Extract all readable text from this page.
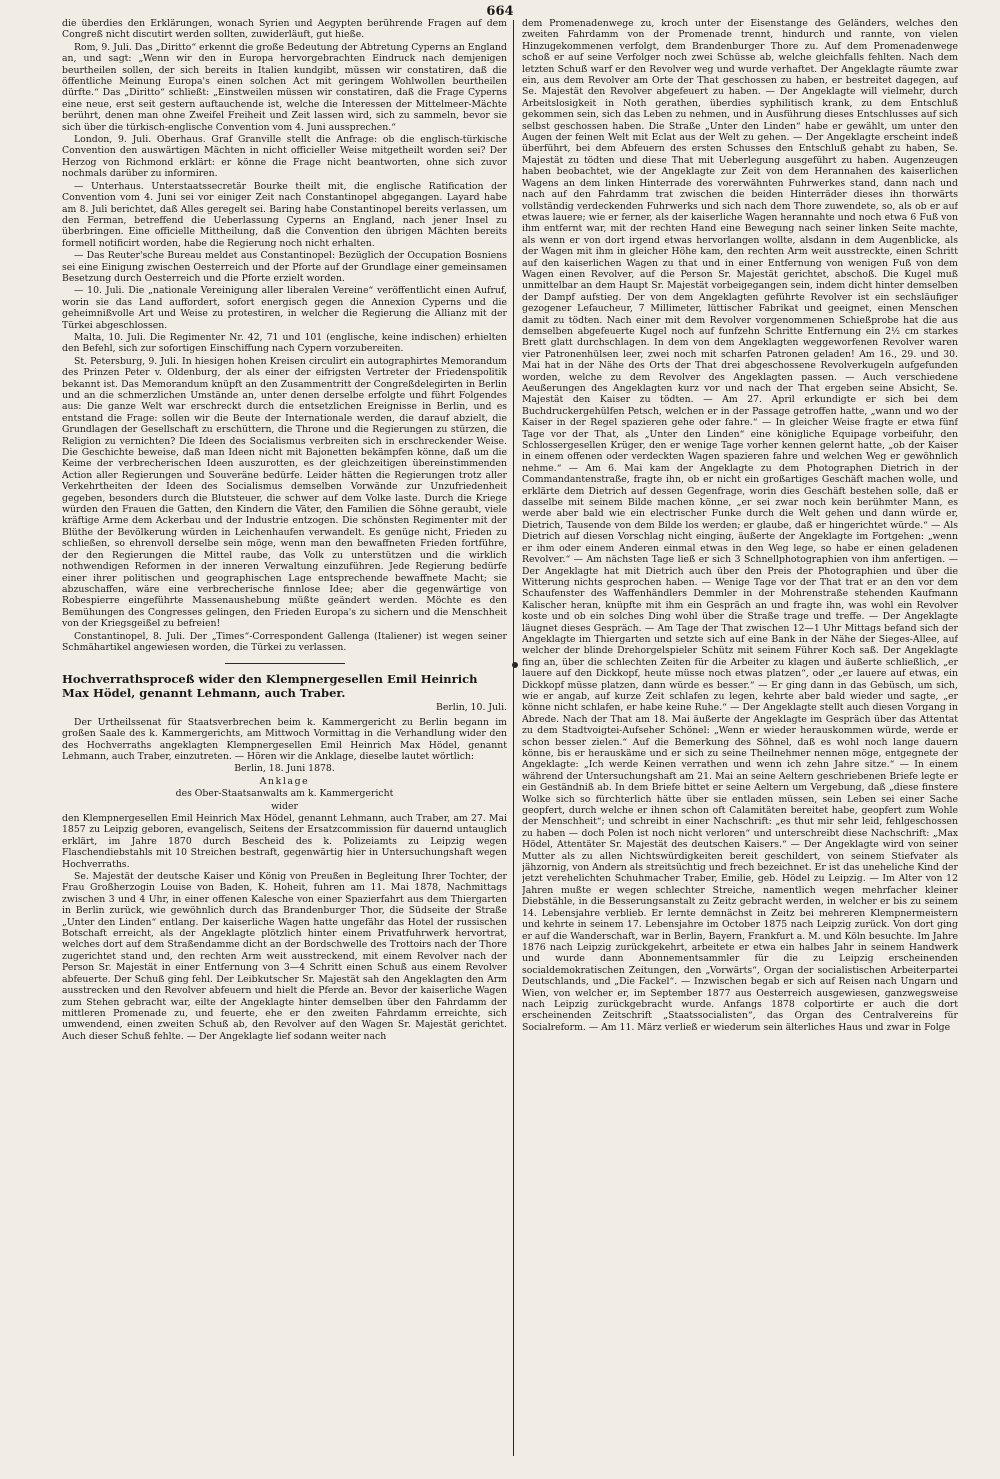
664

die überdies den Erklärungen, wonach Syrien und Aegypten berührende Fragen auf dem Congreß nicht discutirt werden sollten, zuwiderläuft, gut hieße.

Rom, 9. Juli. Das „Diritto“ erkennt die große Bedeutung der Abtretung Cyperns an England an, und sagt: „Wenn wir den in Europa hervorgebrachten Eindruck nach demjenigen beurtheilen sollen, der sich bereits in Italien kundgibt, müssen wir constatiren, daß die öffentliche Meinung Europa's einen solchen Act mit geringem Wohlwollen beurtheilen dürfte.“ Das „Diritto“ schließt: „Einstweilen müssen wir constatiren, daß die Frage Cyperns eine neue, erst seit gestern auftauchende ist, welche die Interessen der Mittelmeer-Mächte berührt, denen man ohne Zweifel Freiheit und Zeit lassen wird, sich zu sammeln, bevor sie sich über die türkisch-englische Convention vom 4. Juni aussprechen.“

London, 9. Juli. Oberhaus. Graf Granville stellt die Anfrage: ob die englisch-türkische Convention den auswärtigen Mächten in nicht officieller Weise mitgetheilt worden sei? Der Herzog von Richmond erklärt: er könne die Frage nicht beantworten, ohne sich zuvor nochmals darüber zu informiren.

— Unterhaus. Unterstaatssecretär Bourke theilt mit, die englische Ratification der Convention vom 4. Juni sei vor einiger Zeit nach Constantinopel abgegangen. Layard habe am 8. Juli berichtet, daß Alles geregelt sei. Baring habe Constantinopel bereits verlassen, um den Ferman, betreffend die Ueberlassung Cyperns an England, nach jener Insel zu überbringen. Eine officielle Mittheilung, daß die Convention den übrigen Mächten bereits formell notificirt worden, habe die Regierung noch nicht erhalten.

— Das Reuter'sche Bureau meldet aus Constantinopel: Bezüglich der Occupation Bosniens sei eine Einigung zwischen Oesterreich und der Pforte auf der Grundlage einer gemeinsamen Besetzung durch Oesterreich und die Pforte erzielt worden.

— 10. Juli. Die „nationale Vereinigung aller liberalen Vereine“ veröffentlicht einen Aufruf, worin sie das Land auffordert, sofort energisch gegen die Annexion Cyperns und die geheimnißvolle Art und Weise zu protestiren, in welcher die Regierung die Allianz mit der Türkei abgeschlossen.

Malta, 10. Juli. Die Regimenter Nr. 42, 71 und 101 (englische, keine indischen) erhielten den Befehl, sich zur sofortigen Einschiffung nach Cypern vorzubereiten.

St. Petersburg, 9. Juli. In hiesigen hohen Kreisen circulirt ein autographirtes Memorandum des Prinzen Peter v. Oldenburg, der als einer der eifrigsten Vertreter der Friedenspolitik bekannt ist. Das Memorandum knüpft an den Zusammentritt der Congreßdelegirten in Berlin und an die schmerzlichen Umstände an, unter denen derselbe erfolgte und führt Folgendes aus: Die ganze Welt war erschreckt durch die entsetzlichen Ereignisse in Berlin, und es entstand die Frage: sollen wir die Beute der Internationale werden, die darauf abzielt, die Grundlagen der Gesellschaft zu erschüttern, die Throne und die Regierungen zu stürzen, die Religion zu vernichten? Die Ideen des Socialismus verbreiten sich in erschreckender Weise. Die Geschichte beweise, daß man Ideen nicht mit Bajonetten bekämpfen könne, daß um die Keime der verbrecherischen Ideen auszurotten, es der gleichzeitigen übereinstimmenden Action aller Regierungen und Souveräne bedürfe. Leider hätten die Regierungen trotz aller Verkehrtheiten der Ideen des Socialismus demselben Vorwände zur Unzufriedenheit gegeben, besonders durch die Blutsteuer, die schwer auf dem Volke laste. Durch die Kriege würden den Frauen die Gatten, den Kindern die Väter, den Familien die Söhne geraubt, viele kräftige Arme dem Ackerbau und der Industrie entzogen. Die schönsten Regimenter mit der Blüthe der Bevölkerung würden in Leichenhaufen verwandelt. Es genüge nicht, Frieden zu schließen, so ehrenvoll derselbe sein möge, wenn man den bewaffneten Frieden fortführe, der den Regierungen die Mittel raube, das Volk zu unterstützen und die wirklich nothwendigen Reformen in der inneren Verwaltung einzuführen. Jede Regierung bedürfe einer ihrer politischen und geographischen Lage entsprechende bewaffnete Macht; sie abzuschaffen, wäre eine verbrecherische finnlose Idee; aber die gegenwärtige von Robespierre eingeführte Massenaushebung müßte geändert werden. Möchte es den Bemühungen des Congresses gelingen, den Frieden Europa's zu sichern und die Menschheit von der Kriegsgeißel zu befreien!

Constantinopel, 8. Juli. Der „Times“-Correspondent Gallenga (Italiener) ist wegen seiner Schmähartikel angewiesen worden, die Türkei zu verlassen.

Hochverrathsproceß wider den Klempnergesellen Emil Heinrich Max Hödel, genannt Lehmann, auch Traber.
Berlin, 10. Juli.

Der Urtheilssenat für Staatsverbrechen beim k. Kammergericht zu Berlin begann im großen Saale des k. Kammergerichts, am Mittwoch Vormittag in die Verhandlung wider den des Hochverraths angeklagten Klempnergesellen Emil Heinrich Max Hödel, genannt Lehmann, auch Traber, einzutreten. — Hören wir die Anklage, dieselbe lautet wörtlich:

Berlin, 18. Juni 1878.

Anklage

des Ober-Staatsanwalts am k. Kammergericht

wider

den Klempnergesellen Emil Heinrich Max Hödel, genannt Lehmann, auch Traber, am 27. Mai 1857 zu Leipzig geboren, evangelisch, Seitens der Ersatzcommission für dauernd untauglich erklärt, im Jahre 1870 durch Bescheid des k. Polizeiamts zu Leipzig wegen Flaschendiebstahls mit 10 Streichen bestraft, gegenwärtig hier in Untersuchungshaft wegen Hochverraths.

Se. Majestät der deutsche Kaiser und König von Preußen in Begleitung Ihrer Tochter, der Frau Großherzogin Louise von Baden, K. Hoheit, fuhren am 11. Mai 1878, Nachmittags zwischen 3 und 4 Uhr, in einer offenen Kalesche von einer Spazierfahrt aus dem Thiergarten in Berlin zurück, wie gewöhnlich durch das Brandenburger Thor, die Südseite der Straße „Unter den Linden“ entlang. Der kaiserliche Wagen hatte ungefähr das Hotel der russischen Botschaft erreicht, als der Angeklagte plötzlich hinter einem Privatfuhrwerk hervortrat, welches dort auf dem Straßendamme dicht an der Bordschwelle des Trottoirs nach der Thore zugerichtet stand und, den rechten Arm weit ausstreckend, mit einem Revolver nach der Person Sr. Majestät in einer Entfernung von 3—4 Schritt einen Schuß aus einem Revolver abfeuerte. Der Schuß ging fehl. Der Leibkutscher Sr. Majestät sah den Angeklagten den Arm ausstrecken und den Revolver abfeuern und hielt die Pferde an. Bevor der kaiserliche Wagen zum Stehen gebracht war, eilte der Angeklagte hinter demselben über den Fahrdamm der mittleren Promenade zu, und feuerte, ehe er den zweiten Fahrdamm erreichte, sich umwendend, einen zweiten Schuß ab, den Revolver auf den Wagen Sr. Majestät gerichtet. Auch dieser Schuß fehlte. — Der Angeklagte lief sodann weiter nach

dem Promenadenwege zu, kroch unter der Eisenstange des Geländers, welches den zweiten Fahrdamm von der Promenade trennt, hindurch und rannte, von vielen Hinzugekommenen verfolgt, dem Brandenburger Thore zu. Auf dem Promenadenwege schoß er auf seine Verfolger noch zwei Schüsse ab, welche gleichfalls fehlten. Nach dem letzten Schuß warf er den Revolver weg und wurde verhaftet. Der Angeklagte räumte zwar ein, aus dem Revolver am Orte der That geschossen zu haben, er bestreitet dagegen, auf Se. Majestät den Revolver abgefeuert zu haben. — Der Angeklagte will vielmehr, durch Arbeitslosigkeit in Noth gerathen, überdies syphilitisch krank, zu dem Entschluß gekommen sein, sich das Leben zu nehmen, und in Ausführung dieses Entschlusses auf sich selbst geschossen haben. Die Straße „Unter den Linden“ habe er gewählt, um unter den Augen der feinen Welt mit Eclat aus der Welt zu gehen. — Der Angeklagte erscheint indeß überführt, bei dem Abfeuern des ersten Schusses den Entschluß gehabt zu haben, Se. Majestät zu tödten und diese That mit Ueberlegung ausgeführt zu haben. Augenzeugen haben beobachtet, wie der Angeklagte zur Zeit von dem Herannahen des kaiserlichen Wagens an dem linken Hinterrade des vorerwähnten Fuhrwerkes stand, dann nach und nach auf den Fahrdamm trat zwischen die beiden Hinterräder dieses ihn thorwärts vollständig verdeckenden Fuhrwerks und sich nach dem Thore zuwendete, so, als ob er auf etwas lauere; wie er ferner, als der kaiserliche Wagen herannahte und noch etwa 6 Fuß von ihm entfernt war, mit der rechten Hand eine Bewegung nach seiner linken Seite machte, als wenn er von dort irgend etwas hervorlangen wollte, alsdann in dem Augenblicke, als der Wagen mit ihm in gleicher Höhe kam, den rechten Arm weit ausstreckte, einen Schritt auf den kaiserlichen Wagen zu that und in einer Entfernung von wenigen Fuß von dem Wagen einen Revolver, auf die Person Sr. Majestät gerichtet, abschoß. Die Kugel muß unmittelbar an dem Haupt Sr. Majestät vorbeigegangen sein, indem dicht hinter demselben der Dampf aufstieg. Der von dem Angeklagten geführte Revolver ist ein sechsläufiger gezogener Lefaucheur, 7 Millimeter, lüttischer Fabrikat und geeignet, einen Menschen damit zu tödten. Nach einer mit dem Revolver vorgenommenen Schießprobe hat die aus demselben abgefeuerte Kugel noch auf funfzehn Schritte Entfernung ein 2½ cm starkes Brett glatt durchschlagen. In dem von dem Angeklagten weggeworfenen Revolver waren vier Patronenhülsen leer, zwei noch mit scharfen Patronen geladen! Am 16., 29. und 30. Mai hat in der Nähe des Orts der That drei abgeschossene Revolverkugeln aufgefunden worden, welche zu dem Revolver des Angeklagten passen. — Auch verschiedene Aeußerungen des Angeklagten kurz vor und nach der That ergeben seine Absicht, Se. Majestät den Kaiser zu tödten. — Am 27. April erkundigte er sich bei dem Buchdruckergehülfen Petsch, welchen er in der Passage getroffen hatte, „wann und wo der Kaiser in der Regel spazieren gehe oder fahre.“ — In gleicher Weise fragte er etwa fünf Tage vor der That, als „Unter den Linden“ eine königliche Equipage vorbeifuhr, den Schlossergesellen Krüger, den er wenige Tage vorher kennen gelernt hatte, „ob der Kaiser in einem offenen oder verdeckten Wagen spazieren fahre und welchen Weg er gewöhnlich nehme.“ — Am 6. Mai kam der Angeklagte zu dem Photographen Dietrich in der Commandantenstraße, fragte ihn, ob er nicht ein großartiges Geschäft machen wolle, und erklärte dem Dietrich auf dessen Gegenfrage, worin dies Geschäft bestehen solle, daß er dasselbe mit seinem Bilde machen könne, „er sei zwar noch kein berühmter Mann, es werde aber bald wie ein electrischer Funke durch die Welt gehen und dann würde er, Dietrich, Tausende von dem Bilde los werden; er glaube, daß er hingerichtet würde.“ — Als Dietrich auf diesen Vorschlag nicht einging, äußerte der Angeklagte im Fortgehen: „wenn er ihm oder einem Anderen einmal etwas in den Weg lege, so habe er einen geladenen Revolver.“ — Am nächsten Tage ließ er sich 3 Schnellphotographien von ihm anfertigen. — Der Angeklagte hat mit Dietrich auch über den Preis der Photographien und über die Witterung nichts gesprochen haben. — Wenige Tage vor der That trat er an den vor dem Schaufenster des Waffenhändlers Demmler in der Mohrenstraße stehenden Kaufmann Kalischer heran, knüpfte mit ihm ein Gespräch an und fragte ihn, was wohl ein Revolver koste und ob ein solches Ding wohl über die Straße trage und treffe. — Der Angeklagte läugnet dieses Gespräch. — Am Tage der That zwischen 12—1 Uhr Mittags befand sich der Angeklagte im Thiergarten und setzte sich auf eine Bank in der Nähe der Sieges-Allee, auf welcher der blinde Drehorgelspieler Schütz mit seinem Führer Koch saß. Der Angeklagte fing an, über die schlechten Zeiten für die Arbeiter zu klagen und äußerte schließlich, „er lauere auf den Dickkopf, heute müsse noch etwas platzen“, oder „er lauere auf etwas, ein Dickkopf müsse platzen, dann würde es besser.“ — Er ging dann in das Gebüsch, um sich, wie er angab, auf kurze Zeit schlafen zu legen, kehrte aber bald wieder und sagte, „er könne nicht schlafen, er habe keine Ruhe.“ — Der Angeklagte stellt auch diesen Vorgang in Abrede. Nach der That am 18. Mai äußerte der Angeklagte im Gespräch über das Attentat zu dem Stadtvoigtei-Aufseher Schönel: „Wenn er wieder herauskommen würde, werde er schon besser zielen.“ Auf die Bemerkung des Söhnel, daß es wohl noch lange dauern könne, bis er herauskäme und er sich zu seine Theilnehmer nennen möge, entgegnete der Angeklagte: „Ich werde Keinen verrathen und wenn ich zehn Jahre sitze.“ — In einem während der Untersuchungshaft am 21. Mai an seine Aeltern geschriebenen Briefe legte er ein Geständniß ab. In dem Briefe bittet er seine Aeltern um Vergebung, daß „diese finstere Wolke sich so fürchterlich hätte über sie entladen müssen, sein Leben sei einer Sache geopfert, durch welche er ihnen schon oft Calamitäten bereitet habe, geopfert zum Wohle der Menschheit“; und schreibt in einer Nachschrift: „es thut mir sehr leid, fehlgeschossen zu haben — doch Polen ist noch nicht verloren“ und unterschreibt diese Nachschrift: „Max Hödel, Attentäter Sr. Majestät des deutschen Kaisers.“ — Der Angeklagte wird von seiner Mutter als zu allen Nichtswürdigkeiten bereit geschildert, von seinem Stiefvater als jähzornig, von Andern als streitsüchtig und frech bezeichnet. Er ist das uneheliche Kind der jetzt verehelichten Schuhmacher Traber, Emilie, geb. Hödel zu Leipzig. — Im Alter von 12 Jahren mußte er wegen schlechter Streiche, namentlich wegen mehrfacher kleiner Diebstähle, in die Besserungsanstalt zu Zeitz gebracht werden, in welcher er bis zu seinem 14. Lebensjahre verblieb. Er lernte demnächst in Zeitz bei mehreren Klempnermeistern und kehrte in seinem 17. Lebensjahre im October 1875 nach Leipzig zurück. Von dort ging er auf die Wanderschaft, war in Berlin, Bayern, Frankfurt a. M. und Köln besuchte. Im Jahre 1876 nach Leipzig zurückgekehrt, arbeitete er etwa ein halbes Jahr in seinem Handwerk und wurde dann Abonnementsammler für die zu Leipzig erscheinenden socialdemokratischen Zeitungen, den „Vorwärts“, Organ der socialistischen Arbeiterpartei Deutschlands, und „Die Fackel“. — Inzwischen begab er sich auf Reisen nach Ungarn und Wien, von welcher er, im September 1877 aus Oesterreich ausgewiesen, ganzwegsweise nach Leipzig zurückgebracht wurde. Anfangs 1878 colportirte er auch die dort erscheinenden Zeitschrift „Staatssocialisten“, das Organ des Centralvereins für Socialreform. — Am 11. März verließ er wiederum sein älterliches Haus und zwar in Folge
